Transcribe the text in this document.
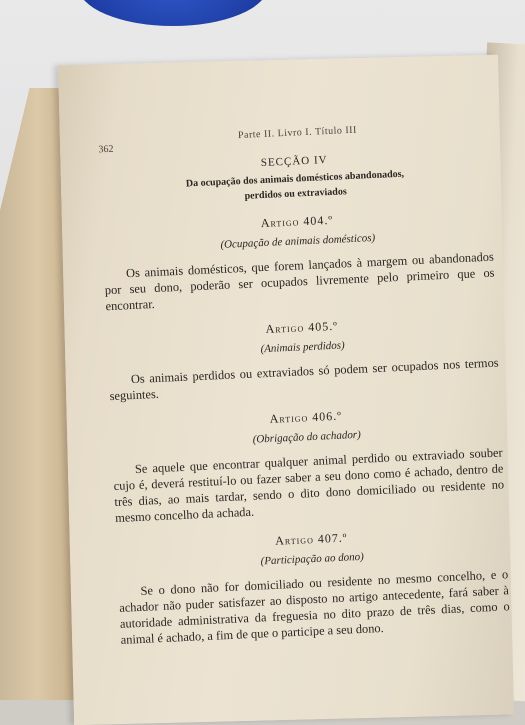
362
Parte II. Livro I. Título III
SECÇÃO IV
Da ocupação dos animais domésticos abandonados,
perdidos ou extraviados
Artigo 404.º
(Ocupação de animais domésticos)
Os animais domésticos, que forem lançados à margem ou abandonados por seu dono, poderão ser ocupados livremente pelo primeiro que os encontrar.
Artigo 405.º
(Animais perdidos)
Os animais perdidos ou extraviados só podem ser ocupados nos termos seguintes.
Artigo 406.º
(Obrigação do achador)
Se aquele que encontrar qualquer animal perdido ou extraviado souber cujo é, deverá restituí-lo ou fazer saber a seu dono como é achado, dentro de três dias, ao mais tardar, sendo o dito dono domiciliado ou residente no mesmo concelho da achada.
Artigo 407.º
(Participação ao dono)
Se o dono não for domiciliado ou residente no mesmo concelho, e o achador não puder satisfazer ao disposto no artigo antecedente, fará saber à autoridade administrativa da freguesia no dito prazo de três dias, como o animal é achado, a fim de que o participe a seu dono.
